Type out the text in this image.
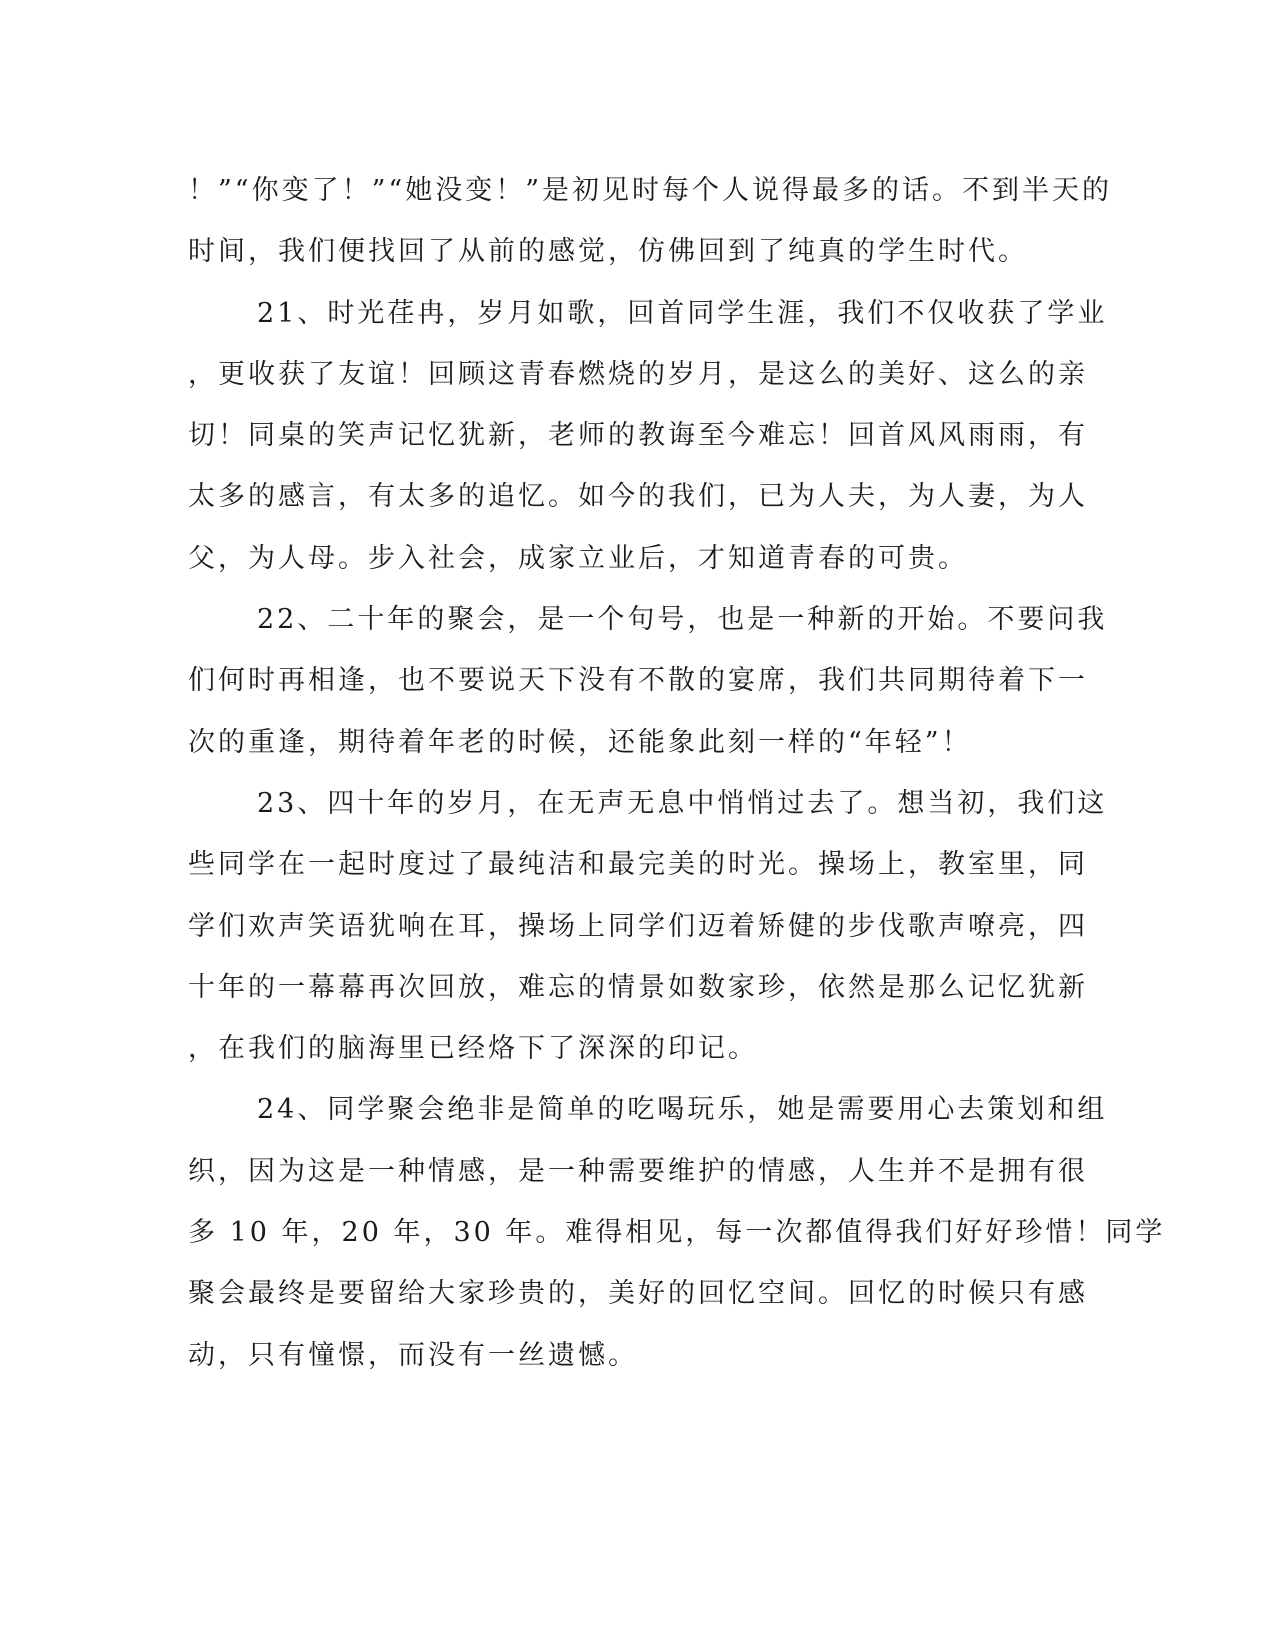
！”“你变了！”“她没变！”是初见时每个人说得最多的话。不到半天的
时间，我们便找回了从前的感觉，仿佛回到了纯真的学生时代。
21、时光荏冉，岁月如歌，回首同学生涯，我们不仅收获了学业
，更收获了友谊！回顾这青春燃烧的岁月，是这么的美好、这么的亲
切！同桌的笑声记忆犹新，老师的教诲至今难忘！回首风风雨雨，有
太多的感言，有太多的追忆。如今的我们，已为人夫，为人妻，为人
父，为人母。步入社会，成家立业后，才知道青春的可贵。
22、二十年的聚会，是一个句号，也是一种新的开始。不要问我
们何时再相逢，也不要说天下没有不散的宴席，我们共同期待着下一
次的重逢，期待着年老的时候，还能象此刻一样的“年轻”！
23、四十年的岁月，在无声无息中悄悄过去了。想当初，我们这
些同学在一起时度过了最纯洁和最完美的时光。操场上，教室里，同
学们欢声笑语犹响在耳，操场上同学们迈着矫健的步伐歌声嘹亮，四
十年的一幕幕再次回放，难忘的情景如数家珍，依然是那么记忆犹新
，在我们的脑海里已经烙下了深深的印记。
24、同学聚会绝非是简单的吃喝玩乐，她是需要用心去策划和组
织，因为这是一种情感，是一种需要维护的情感，人生并不是拥有很
多 10 年，20 年，30 年。难得相见，每一次都值得我们好好珍惜！同学
聚会最终是要留给大家珍贵的，美好的回忆空间。回忆的时候只有感
动，只有憧憬，而没有一丝遗憾。
